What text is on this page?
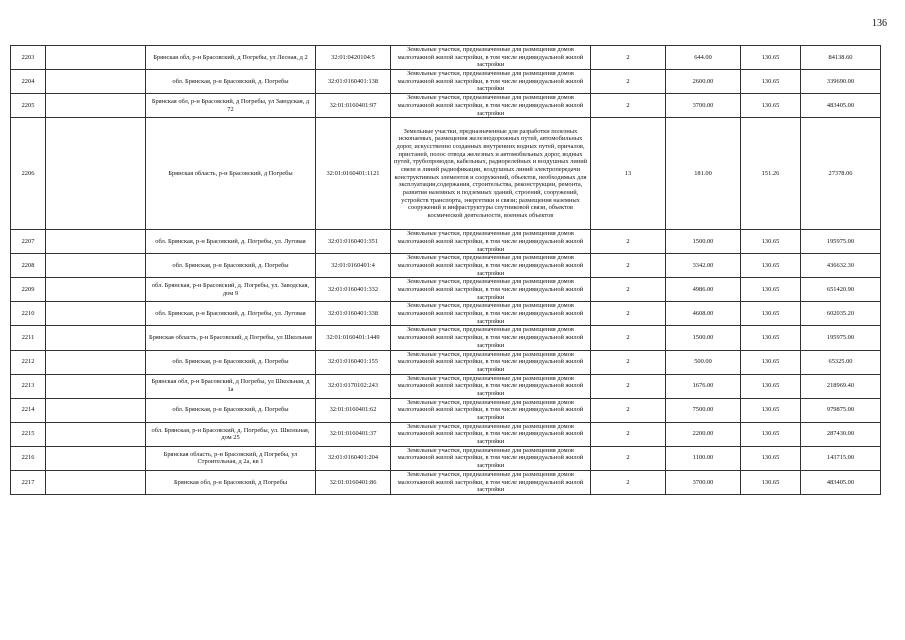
136
2203		Брянская обл, р-н Брасовский, д Погребы, ул Лесная, д 2	32:01:0420104:5	Земельные участки, предназначенные для размещения домов малоэтажной жилой застройки, в том числе индивидуальной жилой застройки	2	644.00	130.65	84138.60
2204		обл. Брянская, р-н Брасовский, д. Погребы	32:01:0160401:138	Земельные участки, предназначенные для размещения домов малоэтажной жилой застройки, в том числе индивидуальной жилой застройки	2	2600.00	130.65	339690.00
2205		Брянская обл, р-н Брасовский, д Погребы, ул Заводская, д 72	32:01:0160401:97	Земельные участки, предназначенные для размещения домов малоэтажной жилой застройки, в том числе индивидуальной жилой застройки	2	3700.00	130.65	483405.00
2206		Брянская область, р-н Брасовский, д Погребы	32:01:0160401:1121	Земельные участки, предназначенные для разработки полезных ископаемых, размещения железнодорожных путей, автомобильных дорог, искусственно созданных внутренних водных путей, причалов, пристаней, полос отвода железных и автомобильных дорог, водных путей, трубопроводов, кабельных, радиорелейных и воздушных линий связи и линий радиофикации, воздушных линий электропередачи конструктивных элементов и сооружений, объектов, необходимых для эксплуатации,содержания, строительства, реконструкции, ремонта, развития наземных и подземных зданий, строений, сооружений, устройств транспорта, энергетики и связи; размещения наземных сооружений и инфраструктуры спутниковой связи, объектов космической деятельности, военных объектов	13	181.00	151.26	27378.06
2207		обл. Брянская, р-н Брасовский, д. Погребы, ул. Луговая	32:01:0160401:351	Земельные участки, предназначенные для размещения домов малоэтажной жилой застройки, в том числе индивидуальной жилой застройки	2	1500.00	130.65	195975.00
2208		обл. Брянская, р-н Брасовский, д. Погребы	32:01:0160401:4	Земельные участки, предназначенные для размещения домов малоэтажной жилой застройки, в том числе индивидуальной жилой застройки	2	3342.00	130.65	436632.30
2209		обл. Брянская, р-н Брасовский, д. Погребы, ул. Заводская, дом 9	32:01:0160401:332	Земельные участки, предназначенные для размещения домов малоэтажной жилой застройки, в том числе индивидуальной жилой застройки	2	4986.00	130.65	651420.90
2210		обл. Брянская, р-н Брасовский, д. Погребы, ул. Луговая	32:01:0160401:338	Земельные участки, предназначенные для размещения домов малоэтажной жилой застройки, в том числе индивидуальной жилой застройки	2	4608.00	130.65	602035.20
2211		Брянская область, р-н Брасовский, д Погребы, ул Школьная	32:01:0160401:1449	Земельные участки, предназначенные для размещения домов малоэтажной жилой застройки, в том числе индивидуальной жилой застройки	2	1500.00	130.65	195975.00
2212		обл. Брянская, р-н Брасовский, д. Погребы	32:01:0160401:155	Земельные участки, предназначенные для размещения домов малоэтажной жилой застройки, в том числе индивидуальной жилой застройки	2	500.00	130.65	65325.00
2213		Брянская обл, р-н Брасовский, д Погребы, ул Школьная, д 1а	32:01:0170102:243	Земельные участки, предназначенные для размещения домов малоэтажной жилой застройки, в том числе индивидуальной жилой застройки	2	1676.00	130.65	218969.40
2214		обл. Брянская, р-н Брасовский, д. Погребы	32:01:0160401:62	Земельные участки, предназначенные для размещения домов малоэтажной жилой застройки, в том числе индивидуальной жилой застройки	2	7500.00	130.65	979875.00
2215		обл. Брянская, р-н Брасовский, д. Погребы, ул. Школьная, дом 25	32:01:0160401:37	Земельные участки, предназначенные для размещения домов малоэтажной жилой застройки, в том числе индивидуальной жилой застройки	2	2200.00	130.65	287430.00
2216		Брянская область, р-н Брасовский, д Погребы, ул Строительная, д 2а, кв 1	32:01:0160401:204	Земельные участки, предназначенные для размещения домов малоэтажной жилой застройки, в том числе индивидуальной жилой застройки	2	1100.00	130.65	143715.00
2217		Брянская обл, р-н Брасовский, д Погребы	32:01:0160401:86	Земельные участки, предназначенные для размещения домов малоэтажной жилой застройки, в том числе индивидуальной жилой застройки	2	3700.00	130.65	483405.00
